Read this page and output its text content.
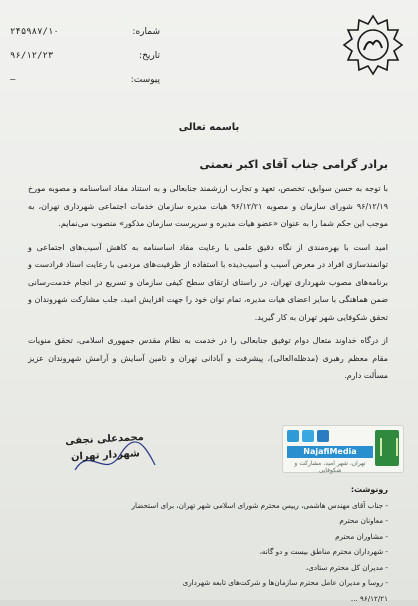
شماره:
۲۴۵۹۸۷/۱۰
تاریخ:
۹۶/۱۲/۲۳
پیوست:
—
باسمه تعالی
برادر گرامی جناب آقای اکبر نعمتی

با توجه به حسن سوابق، تخصص، تعهد و تجارب ارزشمند جنابعالی و به استناد مفاد اساسنامه و مصوبه مورخ ۹۶/۱۲/۱۹ شورای سازمان و مصوبه ۹۶/۱۲/۲۱ هیات مدیره سازمان خدمات اجتماعی شهرداری تهران، به موجب این حکم شما را به عنوان «عضو هیات مدیره و سرپرست سازمان مذکور» منصوب می‌نمایم.

امید است با بهره‌مندی از نگاه دقیق علمی با رعایت مفاد اساسنامه به کاهش آسیب‌های اجتماعی و توانمندسازی افراد در معرض آسیب و آسیب‌دیده با استفاده از ظرفیت‌های مردمی با رعایت اسناد فرادست و برنامه‌های مصوب شهرداری تهران، در راستای ارتقای سطح کیفی سازمان و تسریع در انجام خدمت‌رسانی ضمن هماهنگی با سایر اعضای هیات مدیره، تمام توان خود را جهت افزایش امید، جلب مشارکت شهروندان و تحقق شکوفایی شهر تهران به کار گیرید.

از درگاه خداوند متعال دوام توفیق جنابعالی را در خدمت به نظام مقدس جمهوری اسلامی، تحقق منویات مقام معظم رهبری (مدظله‌العالی)، پیشرفت و آبادانی تهران و تامین آسایش و آرامش شهروندان عزیز مسألت دارم.

محمدعلی نجفی
شهردار تهران	NajafiMedia
تهران، شهر امید، مشارکت و شکوفایی
رونوشت:
- جناب آقای مهندس هاشمی، رییس محترم شورای اسلامی شهر تهران، برای استحضار
- معاونان محترم
- مشاوران محترم
- شهرداران محترم مناطق بیست و دو گانه،
- مدیران کل محترم ستادی،
- روسا و مدیران عامل محترم سازمان‌ها و شرکت‌های تابعه شهرداری
۹۶/۱۲/۲۱ ...
